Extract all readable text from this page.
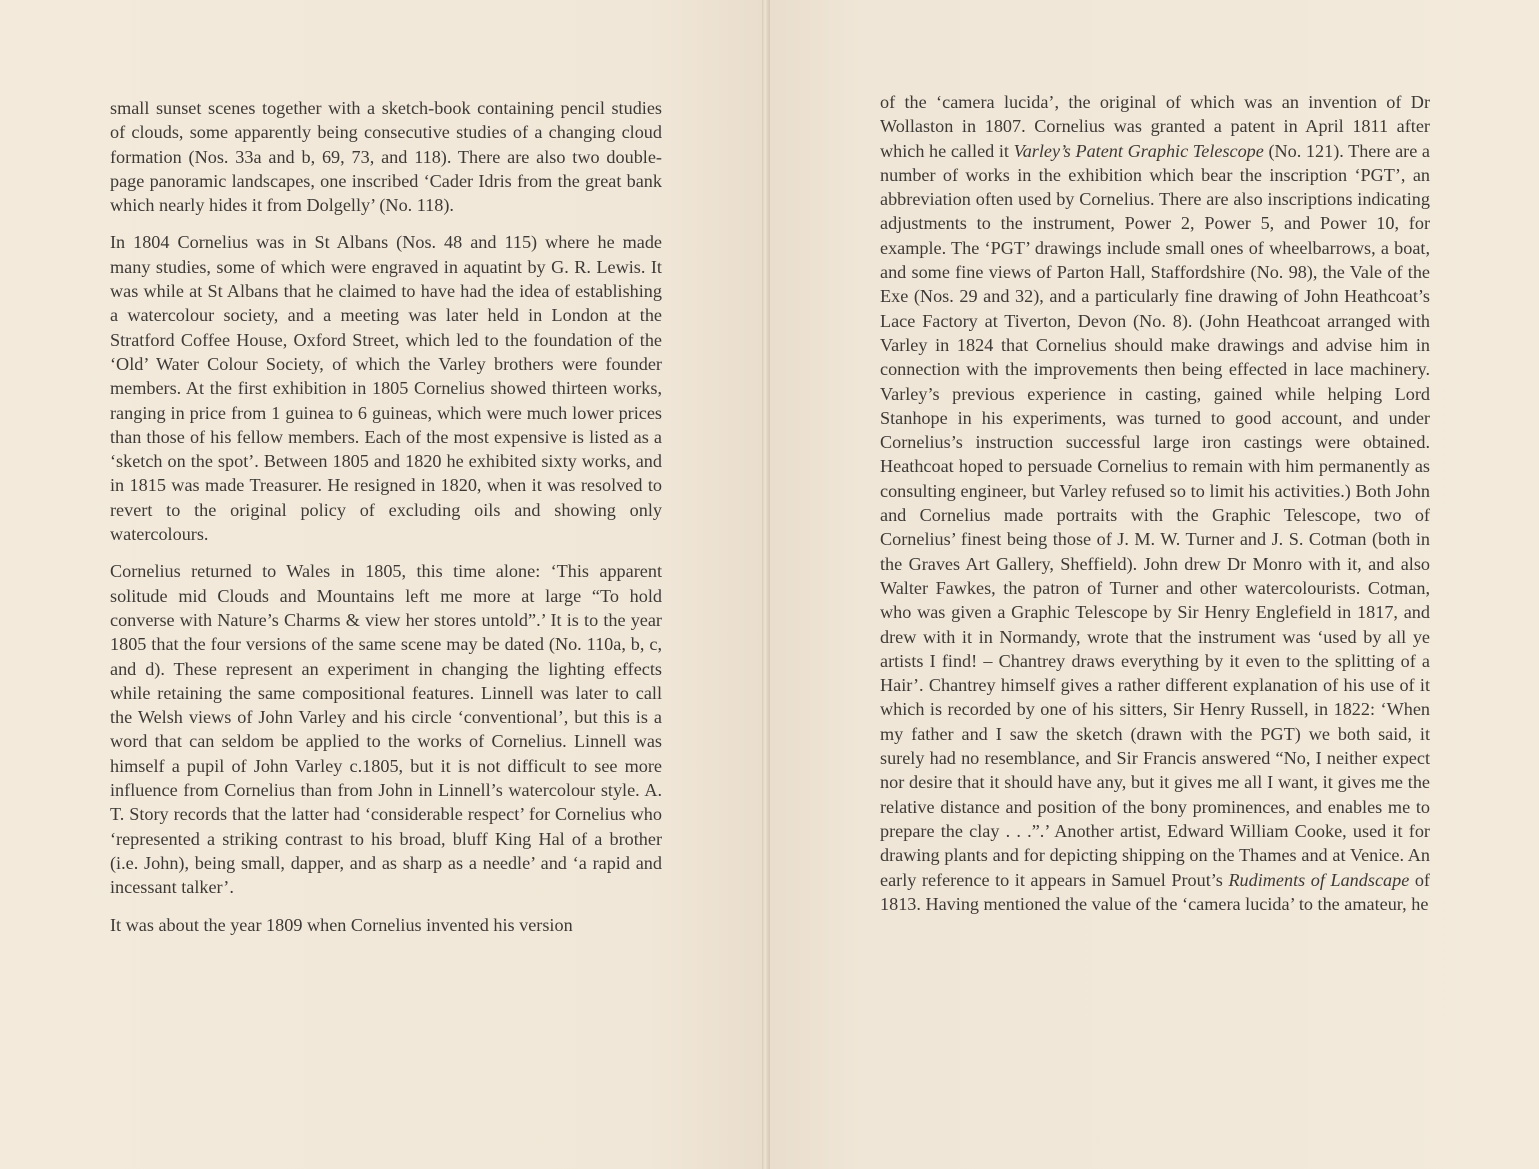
small sunset scenes together with a sketch-book containing pencil studies of clouds, some apparently being consecutive studies of a changing cloud formation (Nos. 33a and b, 69, 73, and 118). There are also two double-page panoramic landscapes, one inscribed ‘Cader Idris from the great bank which nearly hides it from Dolgelly’ (No. 118).

In 1804 Cornelius was in St Albans (Nos. 48 and 115) where he made many studies, some of which were engraved in aquatint by G. R. Lewis. It was while at St Albans that he claimed to have had the idea of establishing a watercolour society, and a meeting was later held in London at the Stratford Coffee House, Oxford Street, which led to the foundation of the ‘Old’ Water Colour Society, of which the Varley brothers were founder members. At the first exhibition in 1805 Cornelius showed thirteen works, ranging in price from 1 guinea to 6 guineas, which were much lower prices than those of his fellow members. Each of the most expensive is listed as a ‘sketch on the spot’. Between 1805 and 1820 he exhibited sixty works, and in 1815 was made Treasurer. He resigned in 1820, when it was resolved to revert to the original policy of excluding oils and showing only watercolours.

Cornelius returned to Wales in 1805, this time alone: ‘This apparent solitude mid Clouds and Mountains left me more at large “To hold converse with Nature’s Charms & view her stores untold”.’ It is to the year 1805 that the four versions of the same scene may be dated (No. 110a, b, c, and d). These represent an experiment in changing the lighting effects while retaining the same compositional features. Linnell was later to call the Welsh views of John Varley and his circle ‘conventional’, but this is a word that can seldom be applied to the works of Cornelius. Linnell was himself a pupil of John Varley c.1805, but it is not difficult to see more influence from Cornelius than from John in Linnell’s watercolour style. A. T. Story records that the latter had ‘considerable respect’ for Cornelius who ‘represented a striking contrast to his broad, bluff King Hal of a brother (i.e. John), being small, dapper, and as sharp as a needle’ and ‘a rapid and incessant talker’.

It was about the year 1809 when Cornelius invented his version

of the ‘camera lucida’, the original of which was an invention of Dr Wollaston in 1807. Cornelius was granted a patent in April 1811 after which he called it Varley’s Patent Graphic Telescope (No. 121). There are a number of works in the exhibition which bear the inscription ‘PGT’, an abbreviation often used by Cornelius. There are also inscriptions indicating adjustments to the instrument, Power 2, Power 5, and Power 10, for example. The ‘PGT’ drawings include small ones of wheelbarrows, a boat, and some fine views of Parton Hall, Staffordshire (No. 98), the Vale of the Exe (Nos. 29 and 32), and a particularly fine drawing of John Heathcoat’s Lace Factory at Tiverton, Devon (No. 8). (John Heathcoat arranged with Varley in 1824 that Cornelius should make drawings and advise him in connection with the improvements then being effected in lace machinery. Varley’s previous experience in casting, gained while helping Lord Stanhope in his experiments, was turned to good account, and under Cornelius’s instruction successful large iron castings were obtained. Heathcoat hoped to persuade Cornelius to remain with him permanently as consulting engineer, but Varley refused so to limit his activities.) Both John and Cornelius made portraits with the Graphic Telescope, two of Cornelius’ finest being those of J. M. W. Turner and J. S. Cotman (both in the Graves Art Gallery, Sheffield). John drew Dr Monro with it, and also Walter Fawkes, the patron of Turner and other watercolourists. Cotman, who was given a Graphic Telescope by Sir Henry Englefield in 1817, and drew with it in Normandy, wrote that the instrument was ‘used by all ye artists I find! – Chantrey draws everything by it even to the splitting of a Hair’. Chantrey himself gives a rather different explanation of his use of it which is recorded by one of his sitters, Sir Henry Russell, in 1822: ‘When my father and I saw the sketch (drawn with the PGT) we both said, it surely had no resemblance, and Sir Francis answered “No, I neither expect nor desire that it should have any, but it gives me all I want, it gives me the relative distance and position of the bony prominences, and enables me to prepare the clay . . .”.’ Another artist, Edward William Cooke, used it for drawing plants and for depicting shipping on the Thames and at Venice. An early reference to it appears in Samuel Prout’s Rudiments of Landscape of 1813. Having mentioned the value of the ‘camera lucida’ to the amateur, he
